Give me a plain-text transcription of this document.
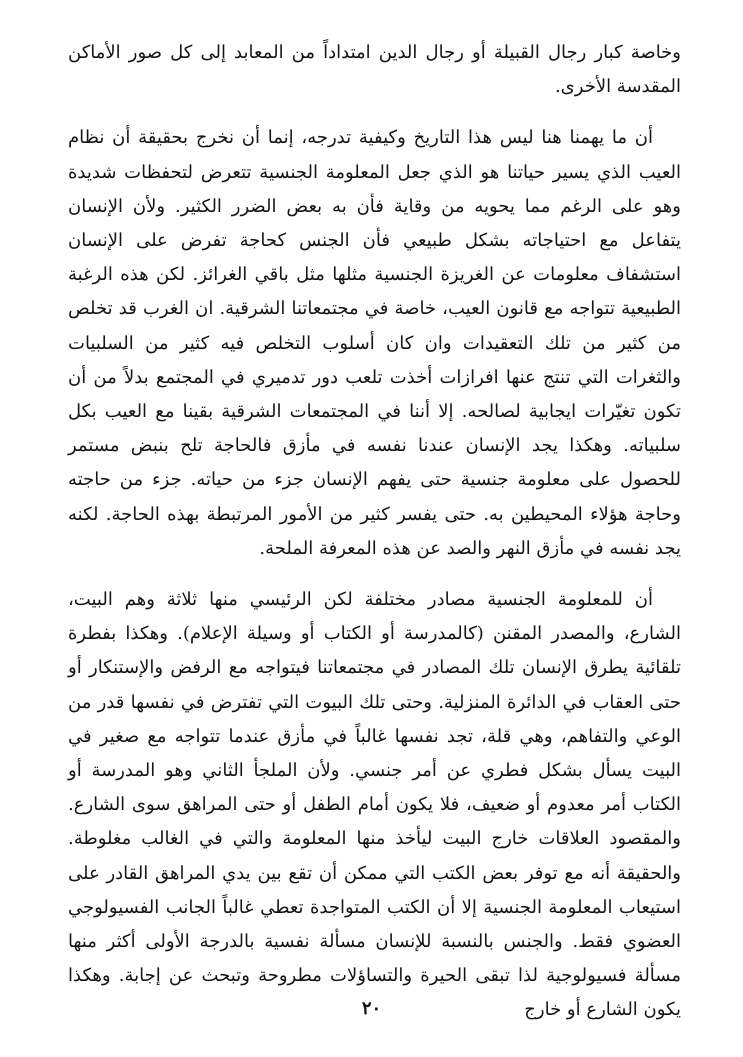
وخاصة كبار رجال القبيلة أو رجال الدين امتداداً من المعابد إلى كل صور الأماكن المقدسة الأخرى.

أن ما يهمنا هنا ليس هذا التاريخ وكيفية تدرجه، إنما أن نخرج بحقيقة أن نظام العيب الذي يسير حياتنا هو الذي جعل المعلومة الجنسية تتعرض لتحفظات شديدة وهو على الرغم مما يحويه من وقاية فأن به بعض الضرر الكثير. ولأن الإنسان يتفاعل مع احتياجاته بشكل طبيعي فأن الجنس كحاجة تفرض على الإنسان استشفاف معلومات عن الغريزة الجنسية مثلها مثل باقي الغرائز. لكن هذه الرغبة الطبيعية تتواجه مع قانون العيب، خاصة في مجتمعاتنا الشرقية. ان الغرب قد تخلص من كثير من تلك التعقيدات وان كان أسلوب التخلص فيه كثير من السلبيات والثغرات التي تنتج عنها افرازات أخذت تلعب دور تدميري في المجتمع بدلاً من أن تكون تغيّرات ايجابية لصالحه. إلا أننا في المجتمعات الشرقية بقينا مع العيب بكل سلبياته. وهكذا يجد الإنسان عندنا نفسه في مأزق فالحاجة تلح بنبض مستمر للحصول على معلومة جنسية حتى يفهم الإنسان جزء من حياته. جزء من حاجته وحاجة هؤلاء المحيطين به. حتى يفسر كثير من الأمور المرتبطة بهذه الحاجة. لكنه يجد نفسه في مأزق النهر والصد عن هذه المعرفة الملحة.

أن للمعلومة الجنسية مصادر مختلفة لكن الرئيسي منها ثلاثة وهم البيت، الشارع، والمصدر المقنن (كالمدرسة أو الكتاب أو وسيلة الإعلام). وهكذا بفطرة تلقائية يطرق الإنسان تلك المصادر في مجتمعاتنا فيتواجه مع الرفض والإستنكار أو حتى العقاب في الدائرة المنزلية. وحتى تلك البيوت التي تفترض في نفسها قدر من الوعي والتفاهم، وهي قلة، تجد نفسها غالباً في مأزق عندما تتواجه مع صغير في البيت يسأل بشكل فطري عن أمر جنسي. ولأن الملجأ الثاني وهو المدرسة أو الكتاب أمر معدوم أو ضعيف، فلا يكون أمام الطفل أو حتى المراهق سوى الشارع. والمقصود العلاقات خارج البيت ليأخذ منها المعلومة والتي في الغالب مغلوطة. والحقيقة أنه مع توفر بعض الكتب التي ممكن أن تقع بين يدي المراهق القادر على استيعاب المعلومة الجنسية إلا أن الكتب المتواجدة تعطي غالباً الجانب الفسيولوجي العضوي فقط. والجنس بالنسبة للإنسان مسألة نفسية بالدرجة الأولى أكثر منها مسألة فسيولوجية لذا تبقى الحيرة والتساؤلات مطروحة وتبحث عن إجابة. وهكذا يكون الشارع أو خارج

٢٠
